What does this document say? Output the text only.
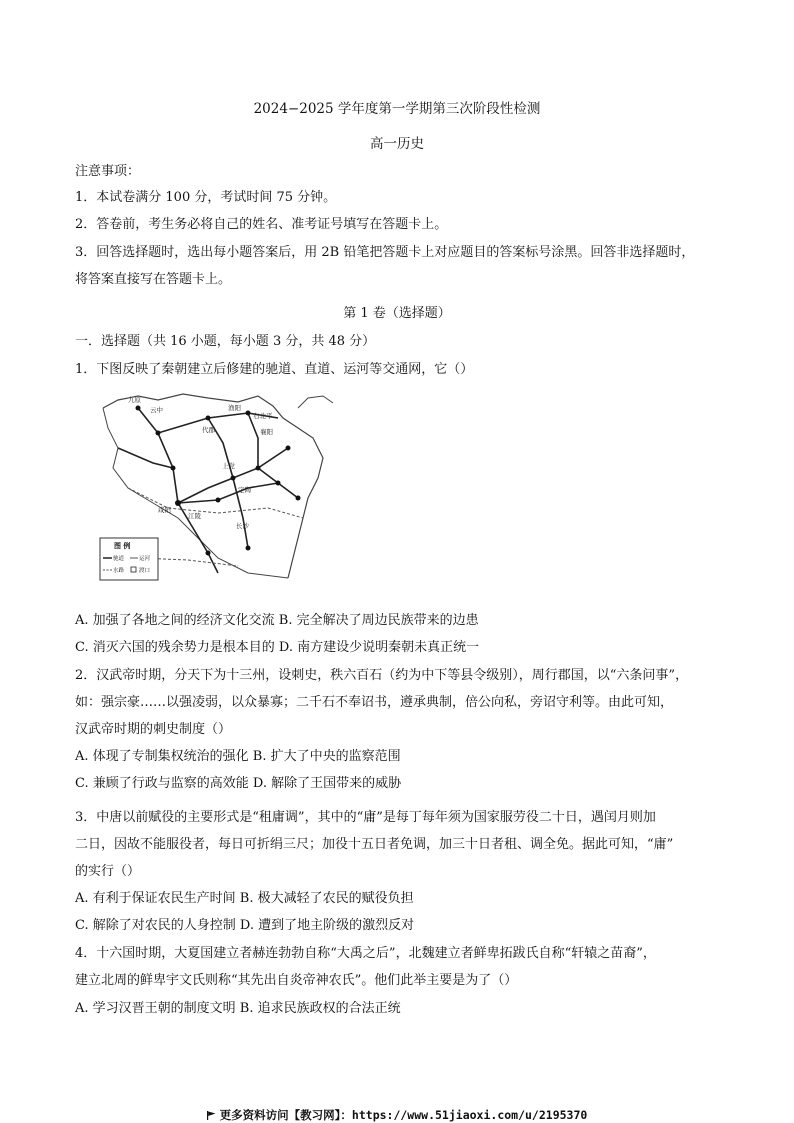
2024−2025 学年度第一学期第三次阶段性检测
高一历史
注意事项：
1．本试卷满分 100 分，考试时间 75 分钟。
2．答卷前，考生务必将自己的姓名、准考证号填写在答题卡上。
3．回答选择题时，选出每小题答案后，用 2B 铅笔把答题卡上对应题目的答案标号涂黑。回答非选择题时，
将答案直接写在答题卡上。
第 1 卷（选择题）
一．选择题（共 16 小题，每小题 3 分，共 48 分）
1．下图反映了秦朝建立后修建的驰道、直道、运河等交通网，它（）
九原
云中	渔阳
右北平
襄阳
代郡
上党
咸阳
定陶
江陵
长沙
图 例
驰道	运河
水路	渡口
A. 加强了各地之间的经济文化交流 B. 完全解决了周边民族带来的边患
C. 消灭六国的残余势力是根本目的 D. 南方建设少说明秦朝未真正统一
2．汉武帝时期，分天下为十三州，设刺史，秩六百石（约为中下等县令级别），周行郡国，以“六条问事”，
如：强宗豪……以强凌弱，以众暴寡；二千石不奉诏书，遵承典制，倍公向私，旁诏守利等。由此可知，
汉武帝时期的刺史制度（）
A. 体现了专制集权统治的强化 B. 扩大了中央的监察范围
C. 兼顾了行政与监察的高效能 D. 解除了王国带来的威胁
3．中唐以前赋役的主要形式是“租庸调”，其中的“庸”是每丁每年须为国家服劳役二十日，遇闰月则加
二日，因故不能服役者，每日可折绢三尺；加役十五日者免调，加三十日者租、调全免。据此可知，“庸”
的实行（）
A. 有利于保证农民生产时间 B. 极大减轻了农民的赋役负担
C. 解除了对农民的人身控制 D. 遭到了地主阶级的激烈反对
4．十六国时期，大夏国建立者赫连勃勃自称“大禹之后”，北魏建立者鲜卑拓跋氏自称“轩辕之苗裔”，
建立北周的鲜卑宇文氏则称“其先出自炎帝神农氏”。他们此举主要是为了（）
A. 学习汉晋王朝的制度文明 B. 追求民族政权的合法正统
更多资料访问【教习网】：https://www.51jiaoxi.com/u/2195370
